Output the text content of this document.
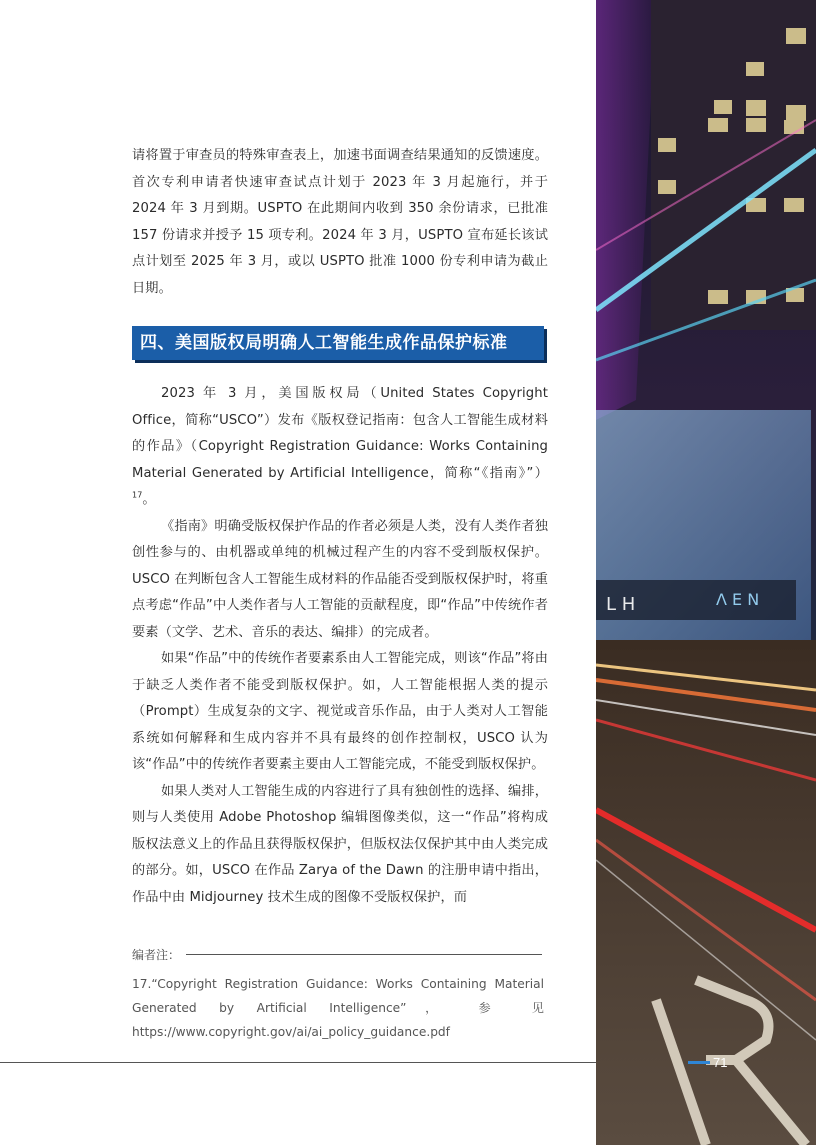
请将置于审查员的特殊审查表上，加速书面调查结果通知的反馈速度。首次专利申请者快速审查试点计划于 2023 年 3 月起施行，并于 2024 年 3 月到期。USPTO 在此期间内收到 350 余份请求，已批准 157 份请求并授予 15 项专利。2024 年 3 月，USPTO 宣布延长该试点计划至 2025 年 3 月，或以 USPTO 批准 1000 份专利申请为截止日期。

四、美国版权局明确人工智能生成作品保护标准

2023 年 3 月，美国版权局（United States Copyright Office，简称“USCO”）发布《版权登记指南：包含人工智能生成材料的作品》（Copyright Registration Guidance: Works Containing Material Generated by Artificial Intelligence，简称“《指南》”）$^{17}$。

《指南》明确受版权保护作品的作者必须是人类，没有人类作者独创性参与的、由机器或单纯的机械过程产生的内容不受到版权保护。USCO 在判断包含人工智能生成材料的作品能否受到版权保护时，将重点考虑“作品”中人类作者与人工智能的贡献程度，即“作品”中传统作者要素（文学、艺术、音乐的表达、编排）的完成者。

如果“作品”中的传统作者要素系由人工智能完成，则该“作品”将由于缺乏人类作者不能受到版权保护。如，人工智能根据人类的提示（Prompt）生成复杂的文字、视觉或音乐作品，由于人类对人工智能系统如何解释和生成内容并不具有最终的创作控制权，USCO 认为该“作品”中的传统作者要素主要由人工智能完成，不能受到版权保护。

如果人类对人工智能生成的内容进行了具有独创性的选择、编排，则与人类使用 Adobe Photoshop 编辑图像类似，这一“作品”将构成版权法意义上的作品且获得版权保护，但版权法仅保护其中由人类完成的部分。如，USCO 在作品 Zarya of the Dawn 的注册申请中指出，作品中由 Midjourney 技术生成的图像不受版权保护，而

编者注：
17.“Copyright Registration Guidance: Works Containing Material Generated by Artificial Intelligence”， 参 见 https://www.copyright.gov/ai/ai_policy_guidance.pdf
L H	Λ E N
71
